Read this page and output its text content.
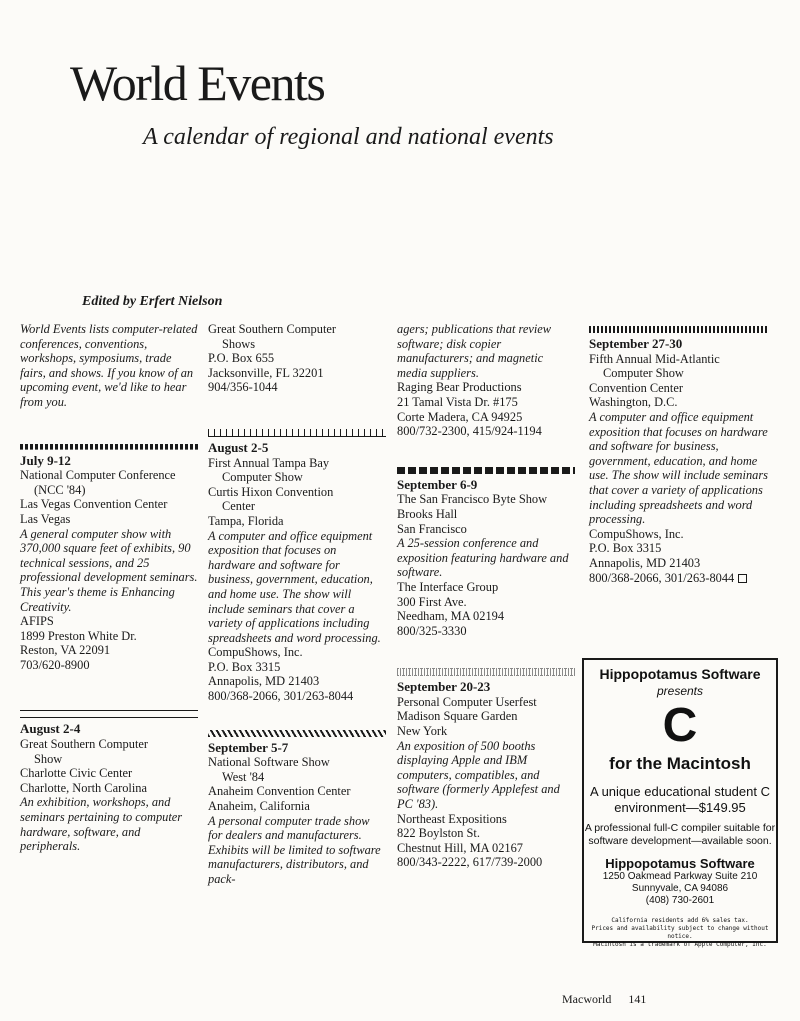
World Events
A calendar of regional and national events
Edited by Erfert Nielson

World Events lists computer-related conferences, conventions, workshops, symposiums, trade fairs, and shows. If you know of an upcoming event, we'd like to hear from you.

July 9-12

National Computer Conference

(NCC '84)

Las Vegas Convention Center

Las Vegas

A general computer show with 370,000 square feet of exhibits, 90 technical sessions, and 25 professional development seminars. This year's theme is Enhancing Creativity.

AFIPS

1899 Preston White Dr.

Reston, VA 22091

703/620-8900

August 2-4

Great Southern Computer

Show

Charlotte Civic Center

Charlotte, North Carolina

An exhibition, workshops, and seminars pertaining to computer hardware, software, and peripherals.

Great Southern Computer

Shows

P.O. Box 655

Jacksonville, FL 32201

904/356-1044

August 2-5

First Annual Tampa Bay

Computer Show

Curtis Hixon Convention

Center

Tampa, Florida

A computer and office equipment exposition that focuses on hardware and software for business, government, education, and home use. The show will include seminars that cover a variety of applications including spreadsheets and word processing.

CompuShows, Inc.

P.O. Box 3315

Annapolis, MD 21403

800/368-2066, 301/263-8044

September 5-7

National Software Show

West '84

Anaheim Convention Center

Anaheim, California

A personal computer trade show for dealers and manufacturers. Exhibits will be limited to software manufacturers, distributors, and pack-

agers; publications that review software; disk copier manufacturers; and magnetic media suppliers.

Raging Bear Productions

21 Tamal Vista Dr. #175

Corte Madera, CA 94925

800/732-2300, 415/924-1194

September 6-9

The San Francisco Byte Show

Brooks Hall

San Francisco

A 25-session conference and exposition featuring hardware and software.

The Interface Group

300 First Ave.

Needham, MA 02194

800/325-3330

September 20-23

Personal Computer Userfest

Madison Square Garden

New York

An exposition of 500 booths displaying Apple and IBM computers, compatibles, and software (formerly Applefest and PC '83).

Northeast Expositions

822 Boylston St.

Chestnut Hill, MA 02167

800/343-2222, 617/739-2000

September 27-30

Fifth Annual Mid-Atlantic

Computer Show

Convention Center

Washington, D.C.

A computer and office equipment exposition that focuses on hardware and software for business, government, education, and home use. The show will include seminars that cover a variety of applications including spreadsheets and word processing.

CompuShows, Inc.

P.O. Box 3315

Annapolis, MD 21403

800/368-2066, 301/263-8044

Hippopotamus Software
presents
C
for the Macintosh
A unique educational student C environment—$149.95
A professional full-C compiler suitable for software development—available soon.
Hippopotamus Software
1250 Oakmead Parkway Suite 210
Sunnyvale, CA 94086
(408) 730-2601
California residents add 6% sales tax.
Prices and availability subject to change without notice.
Macintosh is a trademark of Apple Computer, Inc.
Macworld 141
